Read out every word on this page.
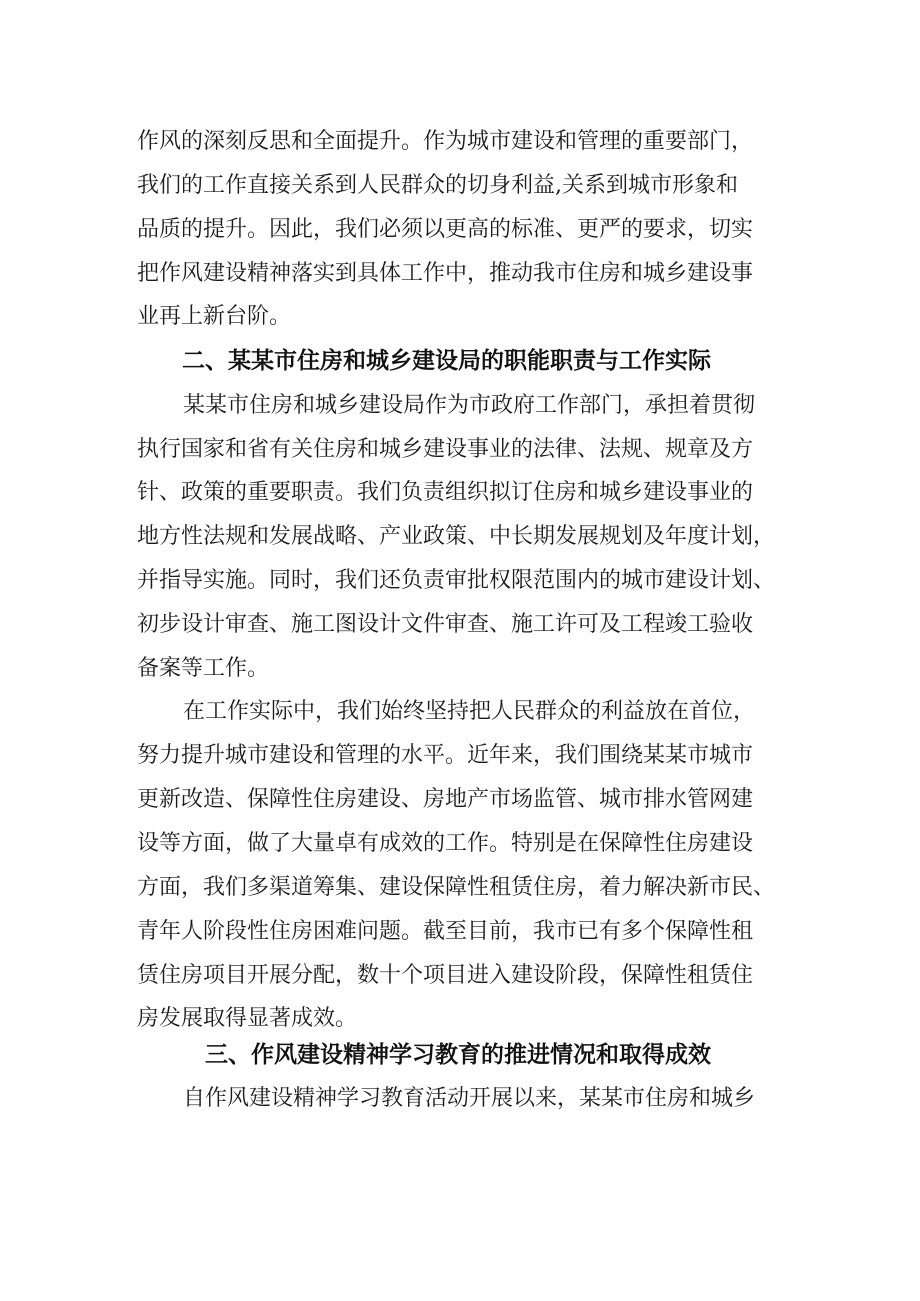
作风的深刻反思和全面提升。作为城市建设和管理的重要部门，
我们的工作直接关系到人民群众的切身利益,关系到城市形象和
品质的提升。因此，我们必须以更高的标准、更严的要求，切实
把作风建设精神落实到具体工作中，推动我市住房和城乡建设事
业再上新台阶。
二、某某市住房和城乡建设局的职能职责与工作实际
某某市住房和城乡建设局作为市政府工作部门，承担着贯彻
执行国家和省有关住房和城乡建设事业的法律、法规、规章及方
针、政策的重要职责。我们负责组织拟订住房和城乡建设事业的
地方性法规和发展战略、产业政策、中长期发展规划及年度计划，
并指导实施。同时，我们还负责审批权限范围内的城市建设计划、
初步设计审查、施工图设计文件审查、施工许可及工程竣工验收
备案等工作。
在工作实际中，我们始终坚持把人民群众的利益放在首位，
努力提升城市建设和管理的水平。近年来，我们围绕某某市城市
更新改造、保障性住房建设、房地产市场监管、城市排水管网建
设等方面，做了大量卓有成效的工作。特别是在保障性住房建设
方面，我们多渠道筹集、建设保障性租赁住房，着力解决新市民、
青年人阶段性住房困难问题。截至目前，我市已有多个保障性租
赁住房项目开展分配，数十个项目进入建设阶段，保障性租赁住
房发展取得显著成效。
三、作风建设精神学习教育的推进情况和取得成效
自作风建设精神学习教育活动开展以来，某某市住房和城乡
